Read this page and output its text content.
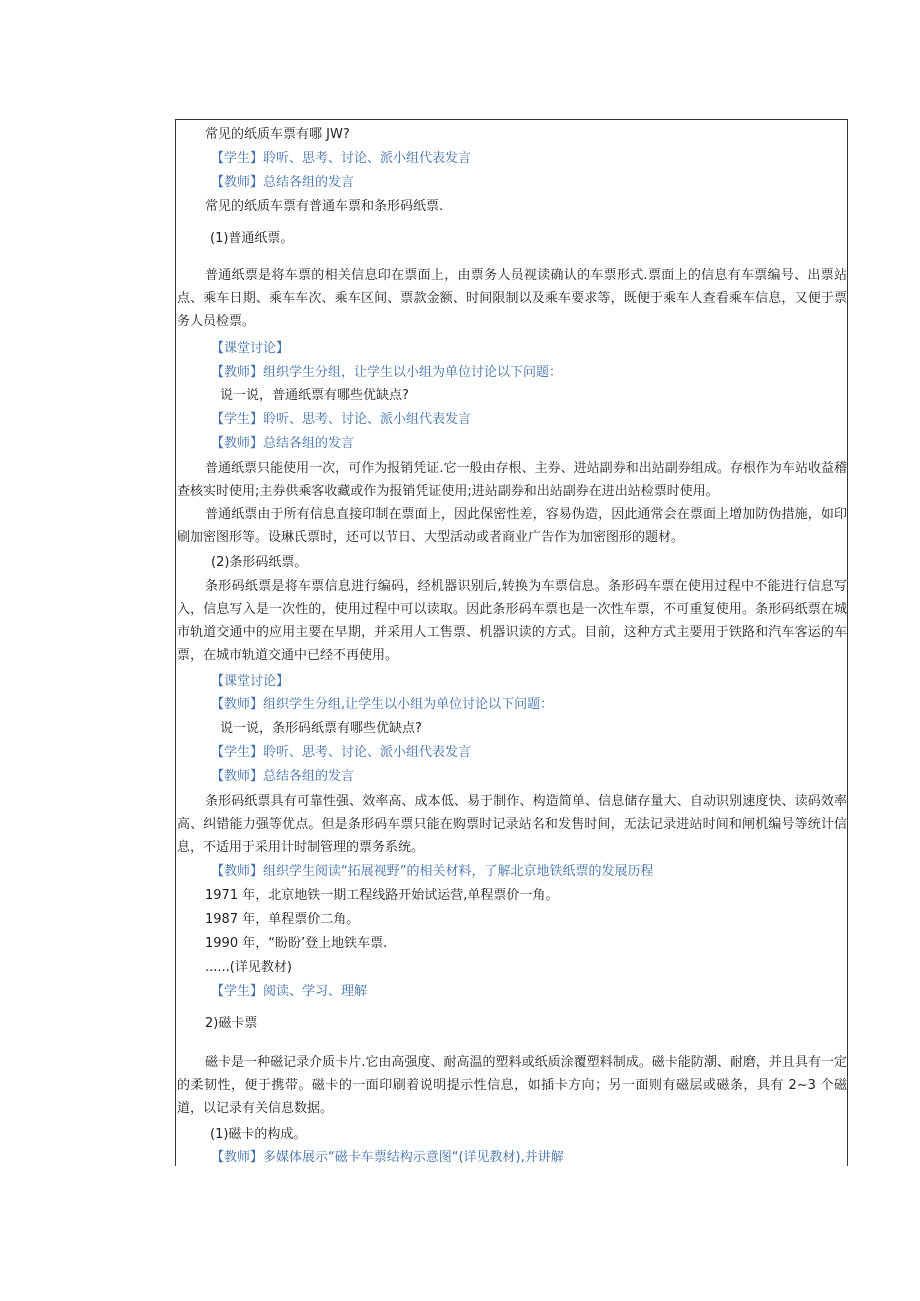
常见的纸质车票有哪 JW?
【学生】聆听、思考、讨论、派小组代表发言
【教师】总结各组的发言
常见的纸质车票有普通车票和条形码纸票.
(1)普通纸票。
普通纸票是将车票的相关信息印在票面上，由票务人员视读确认的车票形式.票面上的信息有车票编号、出票站点、乘车日期、乘车车次、乘车区间、票款金额、时间限制以及乘车要求等，既便于乘车人查看乘车信息，又便于票务人员检票。
【课堂讨论】
【教师】组织学生分组，让学生以小组为单位讨论以下问题：
说一说，普通纸票有哪些优缺点?
【学生】聆听、思考、讨论、派小组代表发言
【教师】总结各组的发言
普通纸票只能使用一次，可作为报销凭证.它一般由存根、主券、进站副券和出站副券组成。存根作为车站收益稽查核实时使用;主券供乘客收藏或作为报销凭证使用;进站副券和出站副券在进出站检票时使用。
普通纸票由于所有信息直接印制在票面上，因此保密性差，容易伪造，因此通常会在票面上增加防伪措施，如印刷加密图形等。设琳氏票时，还可以节日、大型活动或者商业广告作为加密图形的题材。
(2)条形码纸票。
条形码纸票是将车票信息进行编码，经机器识别后,转换为车票信息。条形码车票在使用过程中不能进行信息写入，信息写入是一次性的，使用过程中可以读取。因此条形码车票也是一次性车票，不可重复使用。条形码纸票在城市轨道交通中的应用主要在早期，并采用人工售票、机器识读的方式。目前，这种方式主要用于铁路和汽车客运的车票，在城市轨道交通中已经不再使用。
【课堂讨论】
【教师】组织学生分组,让学生以小组为单位讨论以下问题：
说一说，条形码纸票有哪些优缺点?
【学生】聆听、思考、讨论、派小组代表发言
【教师】总结各组的发言
条形码纸票具有可靠性强、效率高、成本低、易于制作、构造简单、信息储存量大、自动识别速度快、读码效率高、纠错能力强等优点。但是条形码车票只能在购票时记录站名和发售时间，无法记录进站时间和闸机编号等统计信息，不适用于采用计时制管理的票务系统。
【教师】组织学生阅读“拓展视野”的相关材料，了解北京地铁纸票的发展历程
1971 年，北京地铁一期工程线路开始试运营,单程票价一角。
1987 年，单程票价二角。
1990 年，“盼盼’登上地铁车票.
......(详见教材)
【学生】阅读、学习、理解
2)磁卡票
磁卡是一种磁记录介质卡片.它由高强度、耐高温的塑料或纸质涂覆塑料制成。磁卡能防潮、耐磨，并且具有一定的柔韧性，便于携带。磁卡的一面印刷着说明提示性信息，如插卡方向；另一面则有磁层或磁条，具有 2~3 个磁道，以记录有关信息数据。
(1)磁卡的构成。
【教师】多媒体展示“磁卡车票结构示意图“(详见教材),并讲解
